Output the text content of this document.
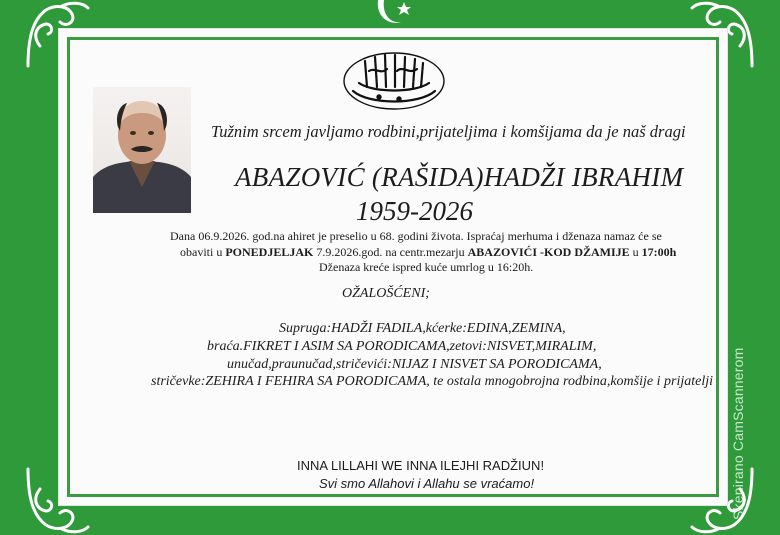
Tužnim srcem javljamo rodbini,prijateljima i komšijama da je naš dragi
ABAZOVIĆ (RAŠIDA)HADŽI IBRAHIM
1959-2026
Dana 06.9.2026. god.na ahiret je preselio u 68. godini života. Ispraćaj merhuma i dženaza namaz će se
obaviti u PONEDJELJAK 7.9.2026.god. na centr.mezarju ABAZOVIĆI -KOD DŽAMIJE u 17:00h
Dženaza kreće ispred kuće umrlog u 16:20h.
OŽALOŠĆENI;
Supruga:HADŽI FADILA,kćerke:EDINA,ZEMINA,
braća.FIKRET I ASIM SA PORODICAMA,zetovi:NISVET,MIRALIM,
unučad,praunučad,stričevići:NIJAZ I NISVET SA PORODICAMA,
stričevke:ZEHIRA I FEHIRA SA PORODICAMA, te ostala mnogobrojna rodbina,komšije i prijatelji
INNA LILLAHI WE INNA ILEJHI RADŽIUN!
Svi smo Allahovi i Allahu se vraćamo!	Skenirano CamScannerom
